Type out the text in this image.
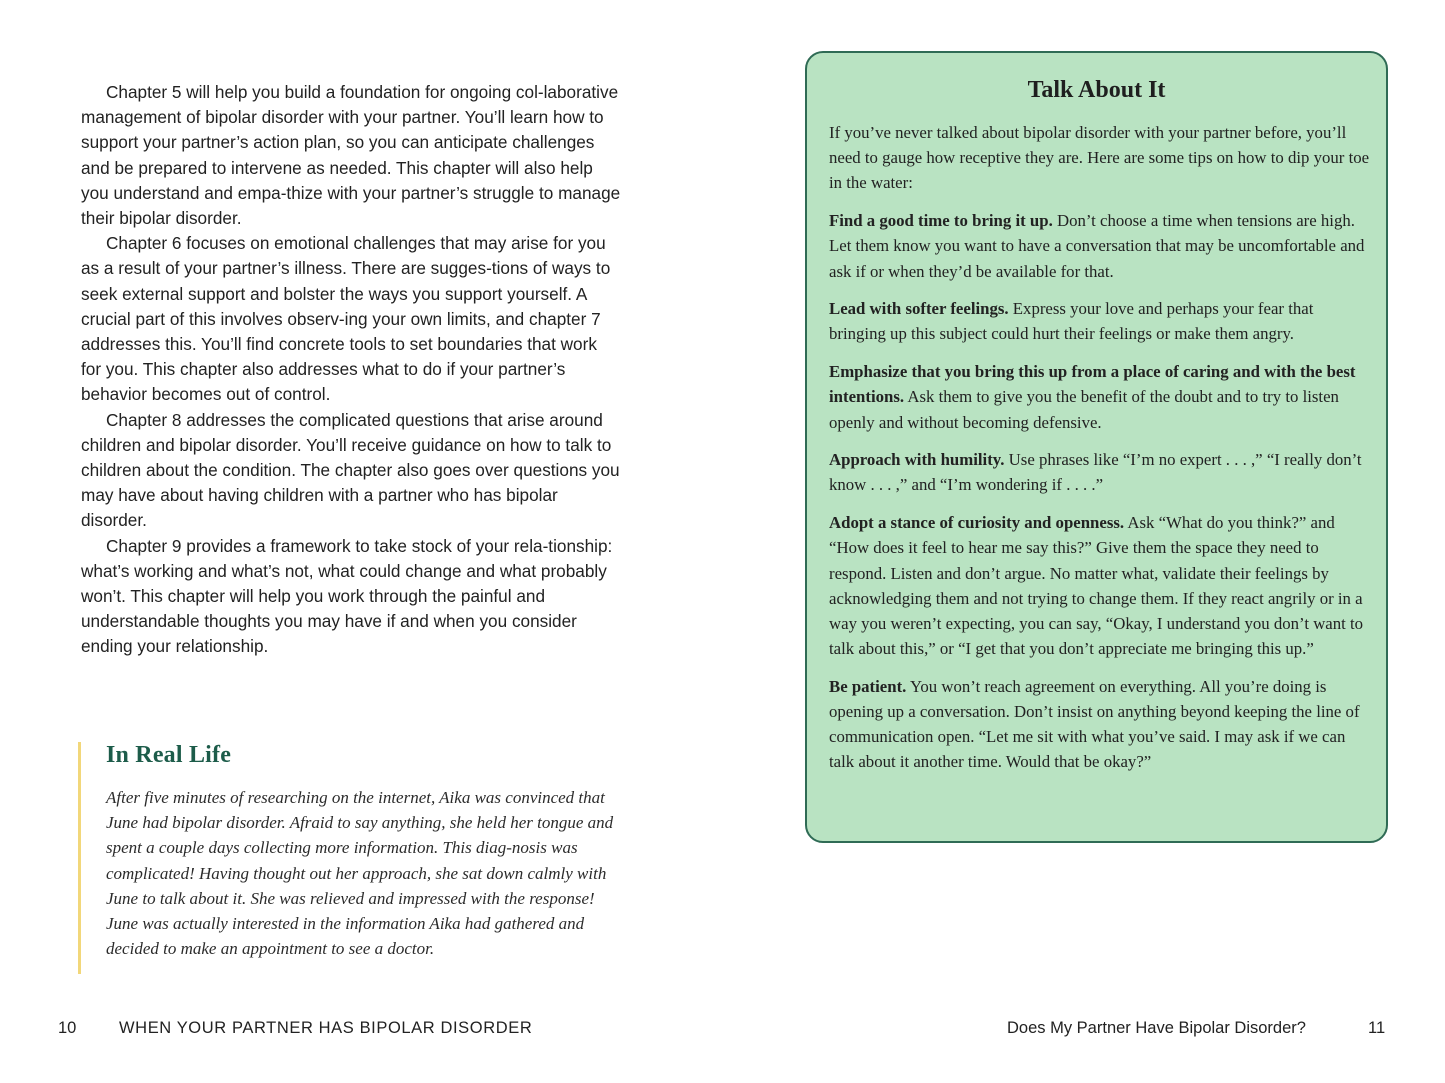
Chapter 5 will help you build a foundation for ongoing col-laborative management of bipolar disorder with your partner. You’ll learn how to support your partner’s action plan, so you can anticipate challenges and be prepared to intervene as needed. This chapter will also help you understand and empa-thize with your partner’s struggle to manage their bipolar disorder.

Chapter 6 focuses on emotional challenges that may arise for you as a result of your partner’s illness. There are sugges-tions of ways to seek external support and bolster the ways you support yourself. A crucial part of this involves observ-ing your own limits, and chapter 7 addresses this. You’ll find concrete tools to set boundaries that work for you. This chapter also addresses what to do if your partner’s behavior becomes out of control.

Chapter 8 addresses the complicated questions that arise around children and bipolar disorder. You’ll receive guidance on how to talk to children about the condition. The chapter also goes over questions you may have about having children with a partner who has bipolar disorder.

Chapter 9 provides a framework to take stock of your rela-tionship: what’s working and what’s not, what could change and what probably won’t. This chapter will help you work through the painful and understandable thoughts you may have if and when you consider ending your relationship.

In Real Life

After five minutes of researching on the internet, Aika was convinced that June had bipolar disorder. Afraid to say anything, she held her tongue and spent a couple days collecting more information. This diag-nosis was complicated! Having thought out her approach, she sat down calmly with June to talk about it. She was relieved and impressed with the response! June was actually interested in the information Aika had gathered and decided to make an appointment to see a doctor.

Talk About It

If you’ve never talked about bipolar disorder with your partner before, you’ll need to gauge how receptive they are. Here are some tips on how to dip your toe in the water:

Find a good time to bring it up. Don’t choose a time when tensions are high. Let them know you want to have a conversation that may be uncomfortable and ask if or when they’d be available for that.

Lead with softer feelings. Express your love and perhaps your fear that bringing up this subject could hurt their feelings or make them angry.

Emphasize that you bring this up from a place of caring and with the best intentions. Ask them to give you the benefit of the doubt and to try to listen openly and without becoming defensive.

Approach with humility. Use phrases like “I’m no expert . . . ,” “I really don’t know . . . ,” and “I’m wondering if . . . .”

Adopt a stance of curiosity and openness. Ask “What do you think?” and “How does it feel to hear me say this?” Give them the space they need to respond. Listen and don’t argue. No matter what, validate their feelings by acknowledging them and not trying to change them. If they react angrily or in a way you weren’t expecting, you can say, “Okay, I understand you don’t want to talk about this,” or “I get that you don’t appreciate me bringing this up.”

Be patient. You won’t reach agreement on everything. All you’re doing is opening up a conversation. Don’t insist on anything beyond keeping the line of communication open. “Let me sit with what you’ve said. I may ask if we can talk about it another time. Would that be okay?”

10	WHEN YOUR PARTNER HAS BIPOLAR DISORDER	Does My Partner Have Bipolar Disorder?	11
